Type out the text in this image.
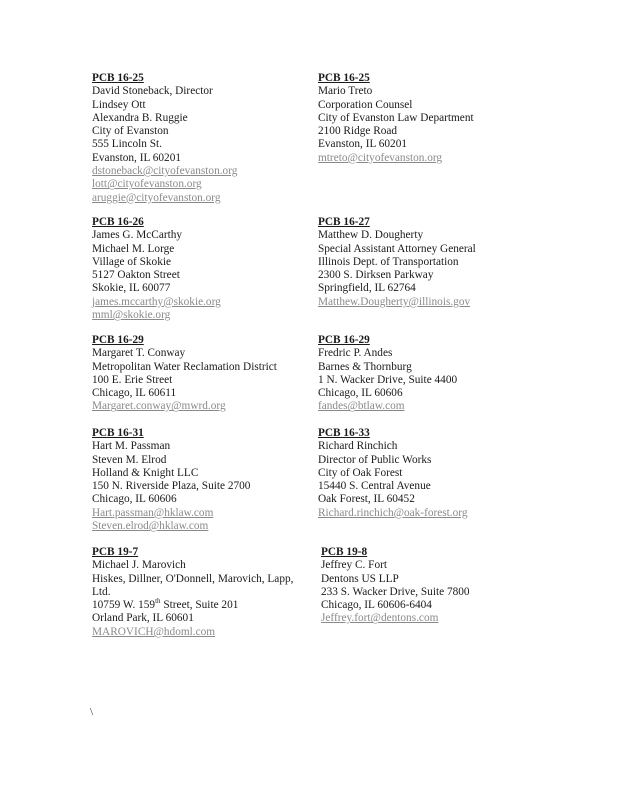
PCB 16-25
David Stoneback, Director
Lindsey Ott
Alexandra B. Ruggie
City of Evanston
555 Lincoln St.
Evanston, IL 60201
dstoneback@cityofevanston.org
lott@cityofevanston.org
aruggie@cityofevanston.org
PCB 16-25
Mario Treto
Corporation Counsel
City of Evanston Law Department
2100 Ridge Road
Evanston, IL 60201
mtreto@cityofevanston.org
PCB 16-26
James G. McCarthy
Michael M. Lorge
Village of Skokie
5127 Oakton Street
Skokie, IL 60077
james.mccarthy@skokie.org
mml@skokie.org
PCB 16-27
Matthew D. Dougherty
Special Assistant Attorney General
Illinois Dept. of Transportation
2300 S. Dirksen Parkway
Springfield, IL 62764
Matthew.Dougherty@illinois.gov
PCB 16-29
Margaret T. Conway
Metropolitan Water Reclamation District
100 E. Erie Street
Chicago, IL 60611
Margaret.conway@mwrd.org
PCB 16-29
Fredric P. Andes
Barnes & Thornburg
1 N. Wacker Drive, Suite 4400
Chicago, IL 60606
fandes@btlaw.com
PCB 16-31
Hart M. Passman
Steven M. Elrod
Holland & Knight LLC
150 N. Riverside Plaza, Suite 2700
Chicago, IL 60606
Hart.passman@hklaw.com
Steven.elrod@hklaw.com
PCB 16-33
Richard Rinchich
Director of Public Works
City of Oak Forest
15440 S. Central Avenue
Oak Forest, IL 60452
Richard.rinchich@oak-forest.org
PCB 19-7
Michael J. Marovich
Hiskes, Dillner, O'Donnell, Marovich, Lapp, Ltd.
10759 W. 159th Street, Suite 201
Orland Park, IL 60601
MAROVICH@hdoml.com
PCB 19-8
Jeffrey C. Fort
Dentons US LLP
233 S. Wacker Drive, Suite 7800
Chicago, IL 60606-6404
Jeffrey.fort@dentons.com
\
